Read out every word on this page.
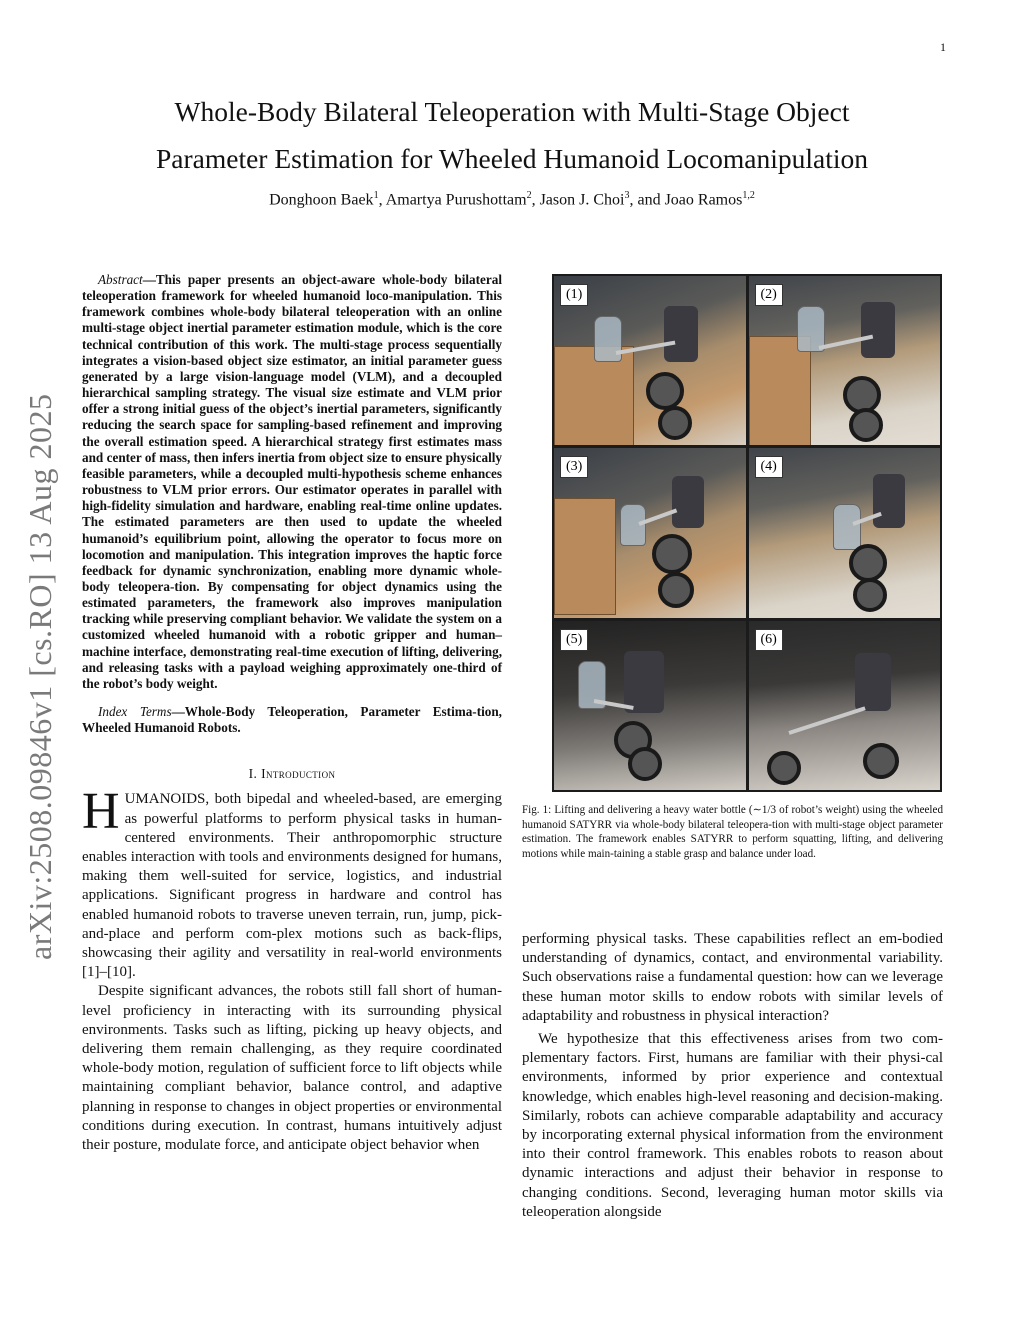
1
arXiv:2508.09846v1 [cs.RO] 13 Aug 2025
Whole-Body Bilateral Teleoperation with Multi-Stage Object
Parameter Estimation for Wheeled Humanoid Locomanipulation
Donghoon Baek$^1$, Amartya Purushottam$^2$, Jason J. Choi$^3$, and Joao Ramos$^{1,2}$

Abstract—This paper presents an object-aware whole-body bilateral teleoperation framework for wheeled humanoid loco-manipulation. This framework combines whole-body bilateral teleoperation with an online multi-stage object inertial parameter estimation module, which is the core technical contribution of this work. The multi-stage process sequentially integrates a vision-based object size estimator, an initial parameter guess generated by a large vision-language model (VLM), and a decoupled hierarchical sampling strategy. The visual size estimate and VLM prior offer a strong initial guess of the object’s inertial parameters, significantly reducing the search space for sampling-based refinement and improving the overall estimation speed. A hierarchical strategy first estimates mass and center of mass, then infers inertia from object size to ensure physically feasible parameters, while a decoupled multi-hypothesis scheme enhances robustness to VLM prior errors. Our estimator operates in parallel with high-fidelity simulation and hardware, enabling real-time online updates. The estimated parameters are then used to update the wheeled humanoid’s equilibrium point, allowing the operator to focus more on locomotion and manipulation. This integration improves the haptic force feedback for dynamic synchronization, enabling more dynamic whole-body teleopera-tion. By compensating for object dynamics using the estimated parameters, the framework also improves manipulation tracking while preserving compliant behavior. We validate the system on a customized wheeled humanoid with a robotic gripper and human–machine interface, demonstrating real-time execution of lifting, delivering, and releasing tasks with a payload weighing approximately one-third of the robot’s body weight.

Index Terms—Whole-Body Teleoperation, Parameter Estima-tion, Wheeled Humanoid Robots.

I. Introduction

HUMANOIDS, both bipedal and wheeled-based, are emerging as powerful platforms to perform physical tasks in human-centered environments. Their anthropomorphic structure enables interaction with tools and environments designed for humans, making them well-suited for service, logistics, and industrial applications. Significant progress in hardware and control has enabled humanoid robots to traverse uneven terrain, run, jump, pick-and-place and perform com-plex motions such as back-flips, showcasing their agility and versatility in real-world environments [1]–[10].

Despite significant advances, the robots still fall short of human-level proficiency in interacting with its surrounding physical environments. Tasks such as lifting, picking up heavy objects, and delivering them remain challenging, as they require coordinated whole-body motion, regulation of sufficient force to lift objects while maintaining compliant behavior, balance control, and adaptive planning in response to changes in object properties or environmental conditions during execution. In contrast, humans intuitively adjust their posture, modulate force, and anticipate object behavior when

(1)	(2)
(3)	(4)
(5)	(6)
Fig. 1: Lifting and delivering a heavy water bottle (∼1/3 of robot’s weight) using the wheeled humanoid SATYRR via whole-body bilateral teleopera-tion with multi-stage object parameter estimation. The framework enables SATYRR to perform squatting, lifting, and delivering motions while main-taining a stable grasp and balance under load.

performing physical tasks. These capabilities reflect an em-bodied understanding of dynamics, contact, and environmental variability. Such observations raise a fundamental question: how can we leverage these human motor skills to endow robots with similar levels of adaptability and robustness in physical interaction?

We hypothesize that this effectiveness arises from two com-plementary factors. First, humans are familiar with their physi-cal environments, informed by prior experience and contextual knowledge, which enables high-level reasoning and decision-making. Similarly, robots can achieve comparable adaptability and accuracy by incorporating external physical information from the environment into their control framework. This enables robots to reason about dynamic interactions and adjust their behavior in response to changing conditions. Second, leveraging human motor skills via teleoperation alongside
